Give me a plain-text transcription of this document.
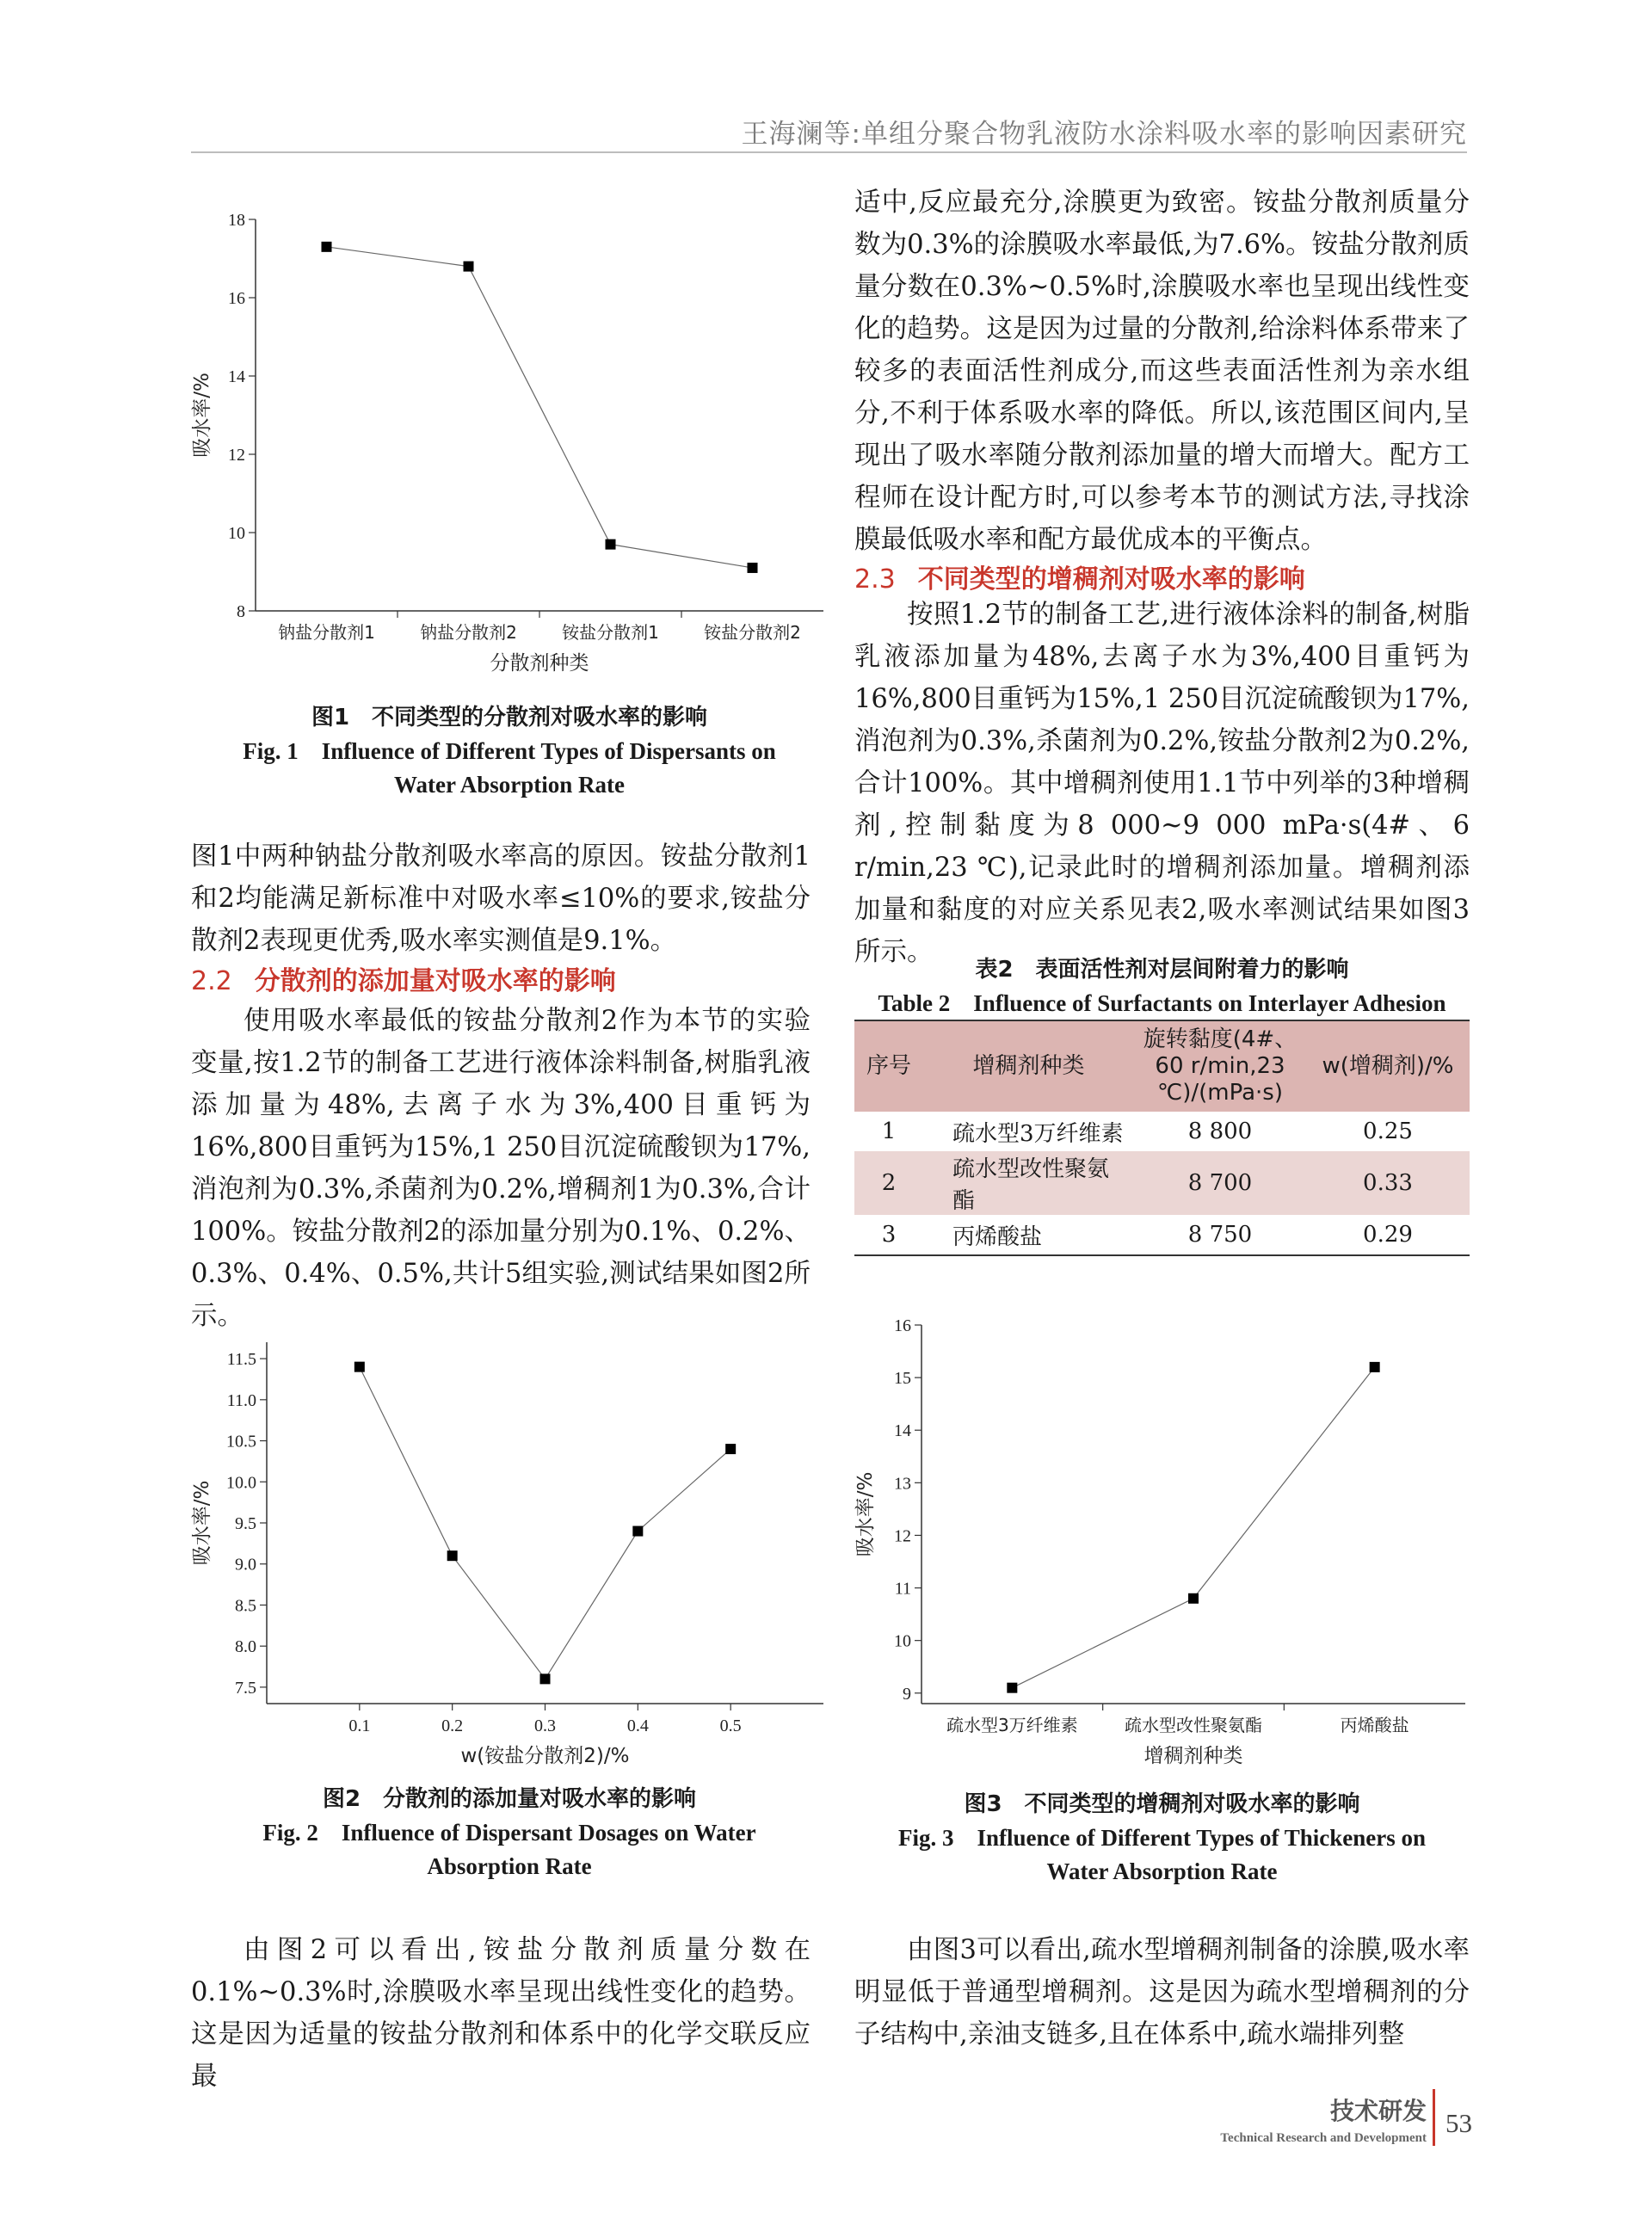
王海澜等:单组分聚合物乳液防水涂料吸水率的影响因素研究
8
10
12
14
16
18
钠盐分散剂1	钠盐分散剂2	铵盐分散剂1	铵盐分散剂2
分散剂种类
吸水率/%
图1　不同类型的分散剂对吸水率的影响
Fig. 1　Influence of Different Types of Dispersants on
Water Absorption Rate

图1中两种钠盐分散剂吸水率高的原因。铵盐分散剂1和2均能满足新标准中对吸水率≤10%的要求,铵盐分散剂2表现更优秀,吸水率实测值是9.1%。

2.2 分散剂的添加量对吸水率的影响

使用吸水率最低的铵盐分散剂2作为本节的实验变量,按1.2节的制备工艺进行液体涂料制备,树脂乳液添加量为48%,去离子水为3%,400目重钙为16%,800目重钙为15%,1 250目沉淀硫酸钡为17%,消泡剂为0.3%,杀菌剂为0.2%,增稠剂1为0.3%,合计100%。铵盐分散剂2的添加量分别为0.1%、0.2%、0.3%、0.4%、0.5%,共计5组实验,测试结果如图2所示。

7.5
8.0
8.5
9.0
9.5
10.0
10.5
11.0
11.5
0.1	0.2	0.3	0.4	0.5
w(铵盐分散剂2)/%
吸水率/%
图2　分散剂的添加量对吸水率的影响
Fig. 2　Influence of Dispersant Dosages on Water
Absorption Rate

由图2可以看出,铵盐分散剂质量分数在0.1%~0.3%时,涂膜吸水率呈现出线性变化的趋势。这是因为适量的铵盐分散剂和体系中的化学交联反应最

适中,反应最充分,涂膜更为致密。铵盐分散剂质量分数为0.3%的涂膜吸水率最低,为7.6%。铵盐分散剂质量分数在0.3%~0.5%时,涂膜吸水率也呈现出线性变化的趋势。这是因为过量的分散剂,给涂料体系带来了较多的表面活性剂成分,而这些表面活性剂为亲水组分,不利于体系吸水率的降低。所以,该范围区间内,呈现出了吸水率随分散剂添加量的增大而增大。配方工程师在设计配方时,可以参考本节的测试方法,寻找涂膜最低吸水率和配方最优成本的平衡点。

2.3 不同类型的增稠剂对吸水率的影响

按照1.2节的制备工艺,进行液体涂料的制备,树脂乳液添加量为48%,去离子水为3%,400目重钙为16%,800目重钙为15%,1 250目沉淀硫酸钡为17%,消泡剂为0.3%,杀菌剂为0.2%,铵盐分散剂2为0.2%,合计100%。其中增稠剂使用1.1节中列举的3种增稠剂,控制黏度为8 000~9 000 mPa·s(4#、6 r/min,23 ℃),记录此时的增稠剂添加量。增稠剂添加量和黏度的对应关系见表2,吸水率测试结果如图3所示。

表2　表面活性剂对层间附着力的影响
Table 2　Influence of Surfactants on Interlayer Adhesion
序号	增稠剂种类	旋转黏度(4#、60 r/min,23 ℃)/(mPa·s)	w(增稠剂)/%
1	疏水型3万纤维素	8 800	0.25
2	疏水型改性聚氨酯	8 700	0.33
3	丙烯酸盐	8 750	0.29
9
10
11
12
13
14
15
16
疏水型3万纤维素	疏水型改性聚氨酯	丙烯酸盐
增稠剂种类
吸水率/%
图3　不同类型的增稠剂对吸水率的影响
Fig. 3　Influence of Different Types of Thickeners on
Water Absorption Rate

由图3可以看出,疏水型增稠剂制备的涂膜,吸水率明显低于普通型增稠剂。这是因为疏水型增稠剂的分子结构中,亲油支链多,且在体系中,疏水端排列整

技术研发
Technical Research and Development 53
